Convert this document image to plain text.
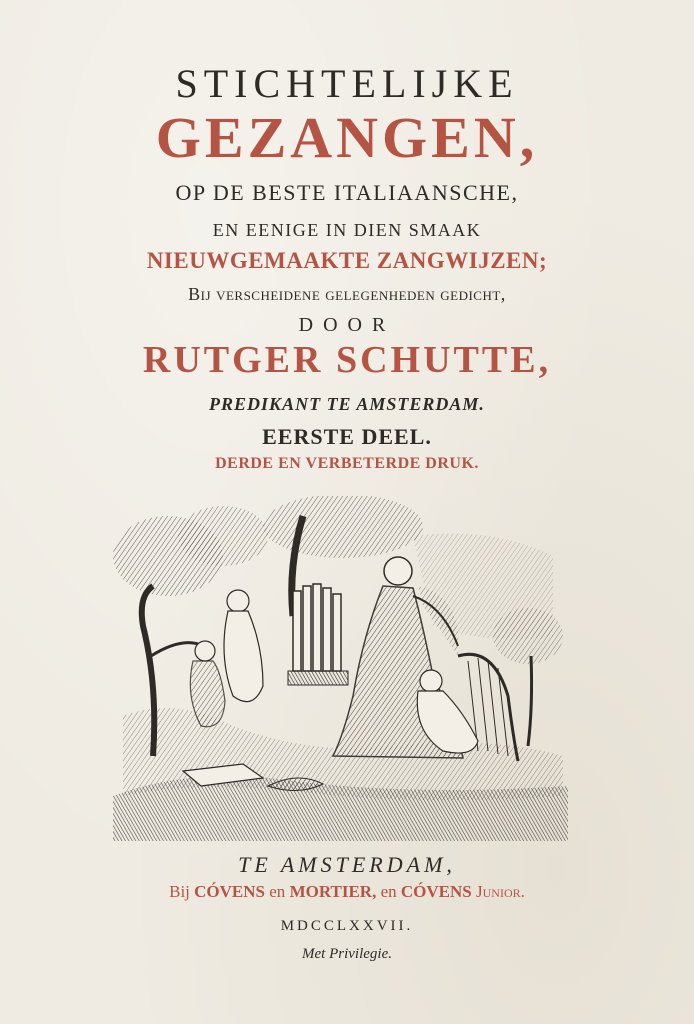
STICHTELIJKE
GEZANGEN,
OP DE BESTE ITALIAANSCHE,
EN EENIGE IN DIEN SMAAK
NIEUWGEMAAKTE ZANGWIJZEN;
Bij verscheidene gelegenheden gedicht,
DOOR
RUTGER SCHUTTE,
PREDIKANT TE AMSTERDAM.
EERSTE DEEL.
DERDE EN VERBETERDE DRUK.
TE AMSTERDAM,
Bij CÓVENS en MORTIER, en CÓVENS Junior.
MDCCLXXVII.
Met Privilegie.
